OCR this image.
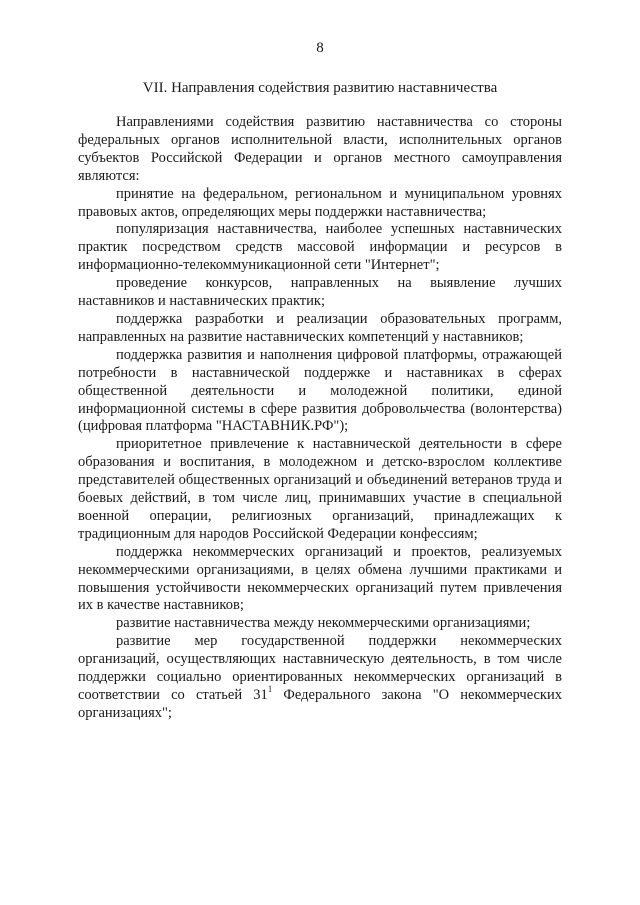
8
VII. Направления содействия развитию наставничества

Направлениями содействия развитию наставничества со стороны федеральных органов исполнительной власти, исполнительных органов субъектов Российской Федерации и органов местного самоуправления являются:

принятие на федеральном, региональном и муниципальном уровнях правовых актов, определяющих меры поддержки наставничества;

популяризация наставничества, наиболее успешных наставнических практик посредством средств массовой информации и ресурсов в информационно-телекоммуникационной сети "Интернет";

проведение конкурсов, направленных на выявление лучших наставников и наставнических практик;

поддержка разработки и реализации образовательных программ, направленных на развитие наставнических компетенций у наставников;

поддержка развития и наполнения цифровой платформы, отражающей потребности в наставнической поддержке и наставниках в сферах общественной деятельности и молодежной политики, единой информационной системы в сфере развития добровольчества (волонтерства) (цифровая платформа "НАСТАВНИК.РФ");

приоритетное привлечение к наставнической деятельности в сфере образования и воспитания, в молодежном и детско-взрослом коллективе представителей общественных организаций и объединений ветеранов труда и боевых действий, в том числе лиц, принимавших участие в специальной военной операции, религиозных организаций, принадлежащих к традиционным для народов Российской Федерации конфессиям;

поддержка некоммерческих организаций и проектов, реализуемых некоммерческими организациями, в целях обмена лучшими практиками и повышения устойчивости некоммерческих организаций путем привлечения их в качестве наставников;

развитие наставничества между некоммерческими организациями;

развитие мер государственной поддержки некоммерческих организаций, осуществляющих наставническую деятельность, в том числе поддержки социально ориентированных некоммерческих организаций в соответствии со статьей $31^1$ Федерального закона "О некоммерческих организациях";
